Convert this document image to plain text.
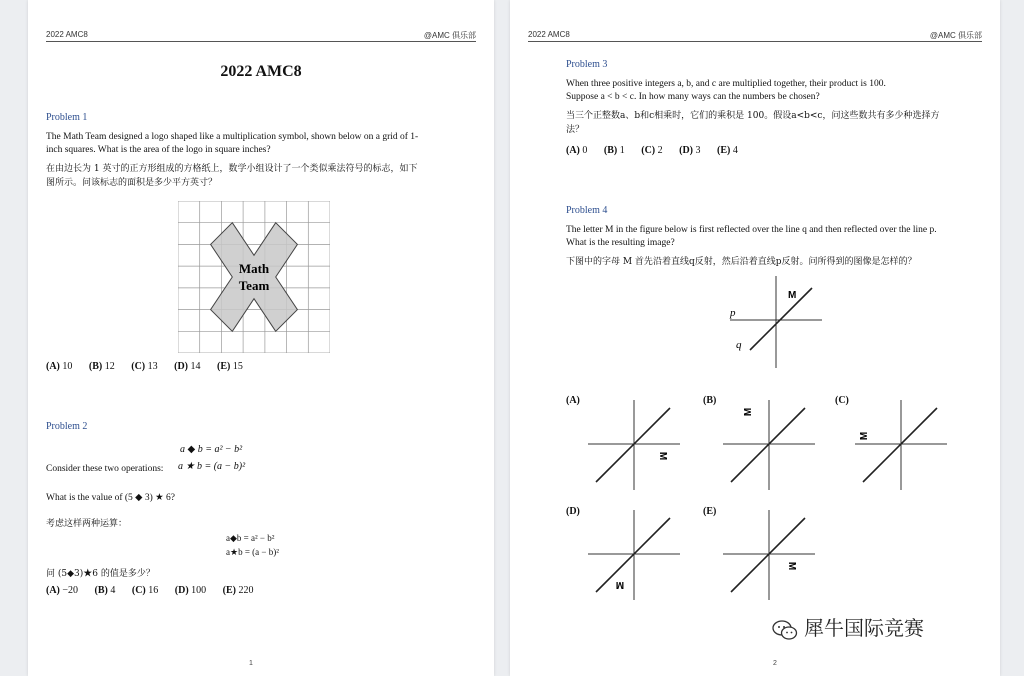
2022 AMC8	@AMC 俱乐部
2022 AMC8
Problem 1
The Math Team designed a logo shaped like a multiplication symbol, shown below on a grid of 1-
inch squares. What is the area of the logo in square inches?
在由边长为 1 英寸的正方形组成的方格纸上，数学小组设计了一个类似乘法符号的标志，如下
图所示。问该标志的面积是多少平方英寸？
Math
Team
(A) 10 (B) 12 (C) 13 (D) 14 (E) 15
Problem 2
a ◆ b = a² − b²
Consider these two operations: a ★ b = (a − b)²
What is the value of (5 ◆ 3) ★ 6?
考虑这样两种运算：
a◆b = a² − b²
a★b = (a − b)²
问 (5◆3)★6 的值是多少？
(A) −20 (B) 4 (C) 16 (D) 100 (E) 220
1
2022 AMC8	@AMC 俱乐部
Problem 3
When three positive integers a, b, and c are multiplied together, their product is 100.
Suppose a < b < c. In how many ways can the numbers be chosen?
当三个正整数a、b和c相乘时，它们的乘积是 100。假设a<b<c，问这些数共有多少种选择方
法？
(A) 0 (B) 1 (C) 2 (D) 3 (E) 4
Problem 4
The letter M in the figure below is first reflected over the line q and then reflected over the line p.
What is the resulting image?
下图中的字母 M 首先沿着直线q反射，然后沿着直线p反射。问所得到的图像是怎样的？
p
q
M
(A)
M
(B)
M
(C)
M
(D)
M
(E)
M
2
犀牛国际竞赛
